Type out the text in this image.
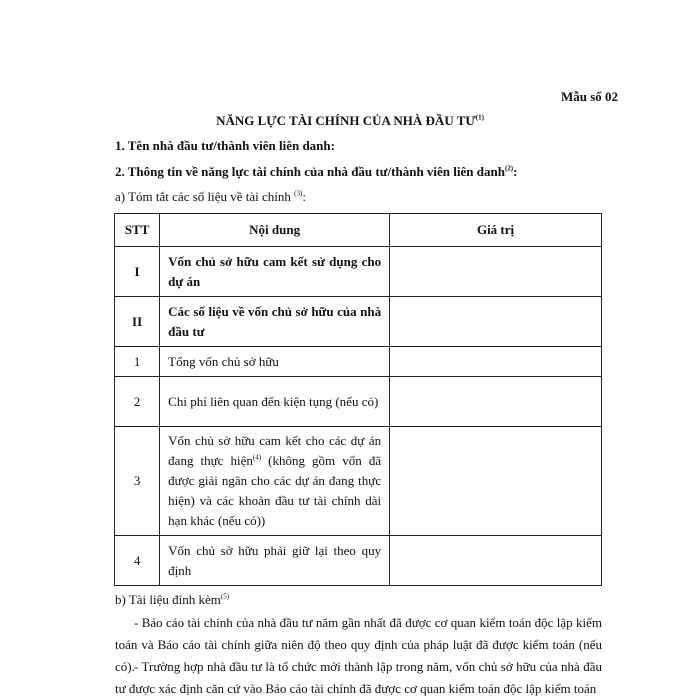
Mẫu số 02
NĂNG LỰC TÀI CHÍNH CỦA NHÀ ĐẦU TƯ$^{(1)}$
1. Tên nhà đầu tư/thành viên liên danh:
2. Thông tin về năng lực tài chính của nhà đầu tư/thành viên liên danh$^{(2)}$:
a) Tóm tắt các số liệu về tài chính $^{(3)}$:
STT	Nội dung	Giá trị
I	Vốn chủ sở hữu cam kết sử dụng cho dự án	
II	Các số liệu về vốn chủ sở hữu của nhà đầu tư	
1	Tổng vốn chủ sở hữu	
2	Chi phí liên quan đến kiện tụng (nếu có)	
3	Vốn chủ sở hữu cam kết cho các dự án đang thực hiện$^{(4)}$ (không gồm vốn đã được giải ngân cho các dự án đang thực hiện) và các khoản đầu tư tài chính dài hạn khác (nếu có))	
4	Vốn chủ sở hữu phải giữ lại theo quy định	
b) Tài liệu đính kèm$^{(5)}$
- Báo cáo tài chính của nhà đầu tư năm gần nhất đã được cơ quan kiểm toán độc lập kiểm toán và Báo cáo tài chính giữa niên độ theo quy định của pháp luật đã được kiểm toán (nếu có). - Trường hợp nhà đầu tư là tổ chức mới thành lập trong năm, vốn chủ sở hữu của nhà đầu tư được xác định căn cứ vào Báo cáo tài chính đã được cơ quan kiểm toán độc lập kiểm toán
